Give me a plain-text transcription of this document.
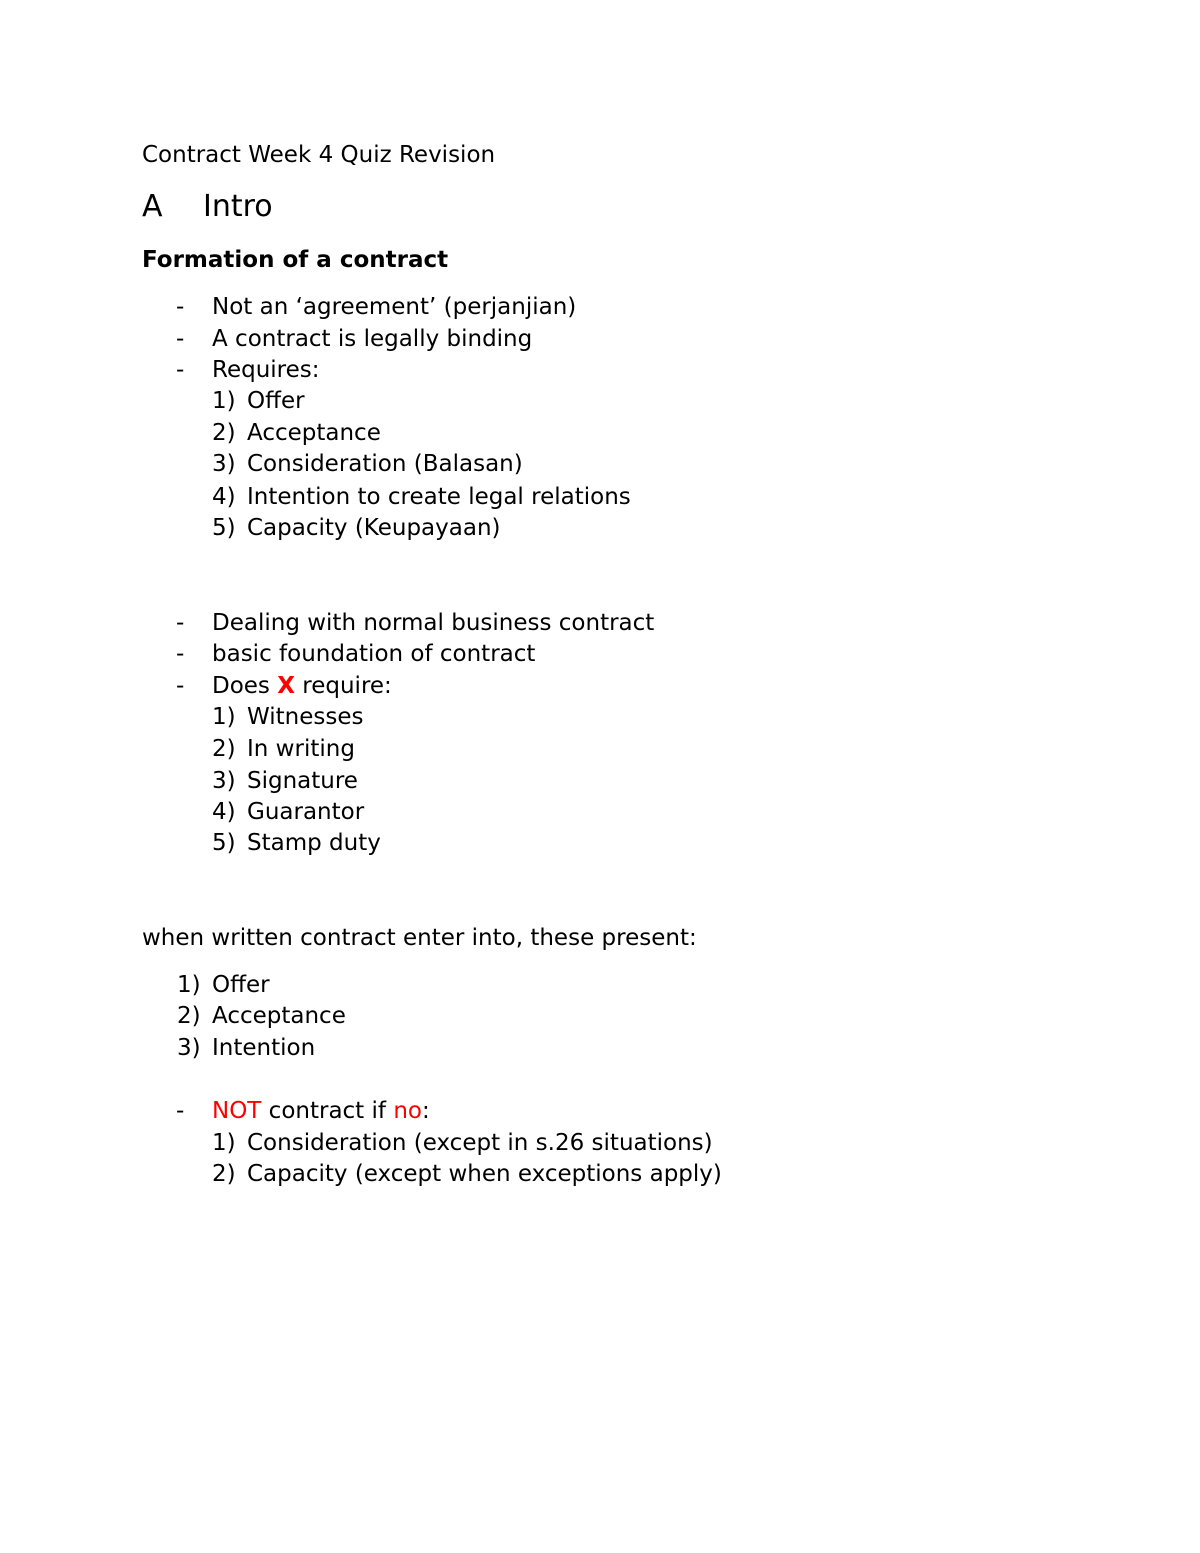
Contract Week 4 Quiz Revision
A Intro
Formation of a contract
- Not an ‘agreement’ (perjanjian)
- A contract is legally binding
- Requires:
1) Offer
2) Acceptance
3) Consideration (Balasan)
4) Intention to create legal relations
5) Capacity (Keupayaan)
- Dealing with normal business contract
- basic foundation of contract
- Does X require:
1) Witnesses
2) In writing
3) Signature
4) Guarantor
5) Stamp duty
when written contract enter into, these present:
1) Offer
2) Acceptance
3) Intention
- NOT contract if no:
1) Consideration (except in s.26 situations)
2) Capacity (except when exceptions apply)
